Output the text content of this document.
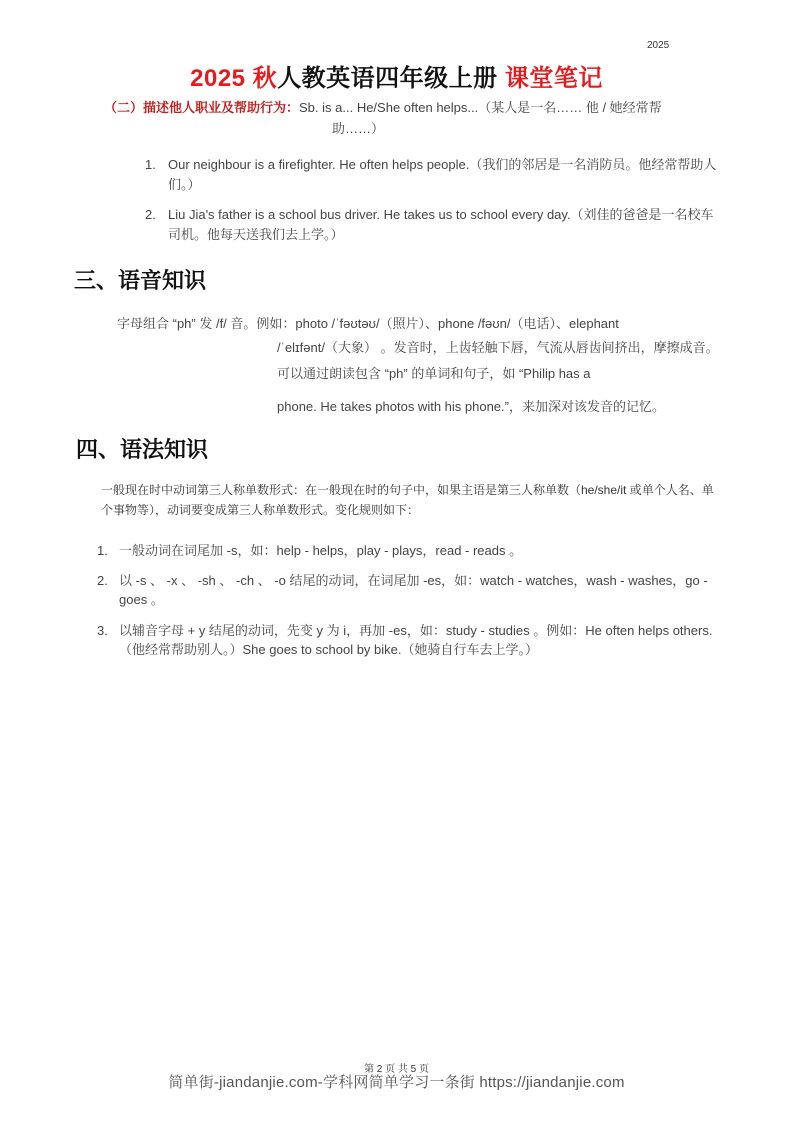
2025
2025 秋人教英语四年级上册 课堂笔记
（二）描述他人职业及帮助行为：Sb. is a... He/She often helps...（某人是一名…… 他 / 她经常帮
助……）
1. Our neighbour is a firefighter. He often helps people.（我们的邻居是一名消防员。他经常帮助人们。）
2. Liu Jia's father is a school bus driver. He takes us to school every day.（刘佳的爸爸是一名校车司机。他每天送我们去上学。）
三、语音知识
字母组合 “ph” 发 /f/ 音。例如：photo /ˈfəʊtəʊ/（照片）、phone /fəʊn/（电话）、elephant
/ˈelɪfənt/（大象） 。发音时，上齿轻触下唇，气流从唇齿间挤出，摩擦成音。可以通过朗读包含 “ph” 的单词和句子，如 “Philip has a
phone. He takes photos with his phone.”，来加深对该发音的记忆。
四、语法知识
一般现在时中动词第三人称单数形式：在一般现在时的句子中，如果主语是第三人称单数（he/she/it 或单个人名、单个事物等），动词要变成第三人称单数形式。变化规则如下：
1. 一般动词在词尾加 -s，如：help - helps，play - plays，read - reads 。
2. 以 -s 、 -x 、 -sh 、 -ch 、 -o 结尾的动词，在词尾加 -es，如：watch - watches，wash - washes，go - goes 。
3. 以辅音字母 + y 结尾的动词，先变 y 为 i，再加 -es，如：study - studies 。例如：He often helps others.（他经常帮助别人。）She goes to school by bike.（她骑自行车去上学。）
第 2 页 共 5 页
简单街-jiandanjie.com-学科网简单学习一条街 https://jiandanjie.com
